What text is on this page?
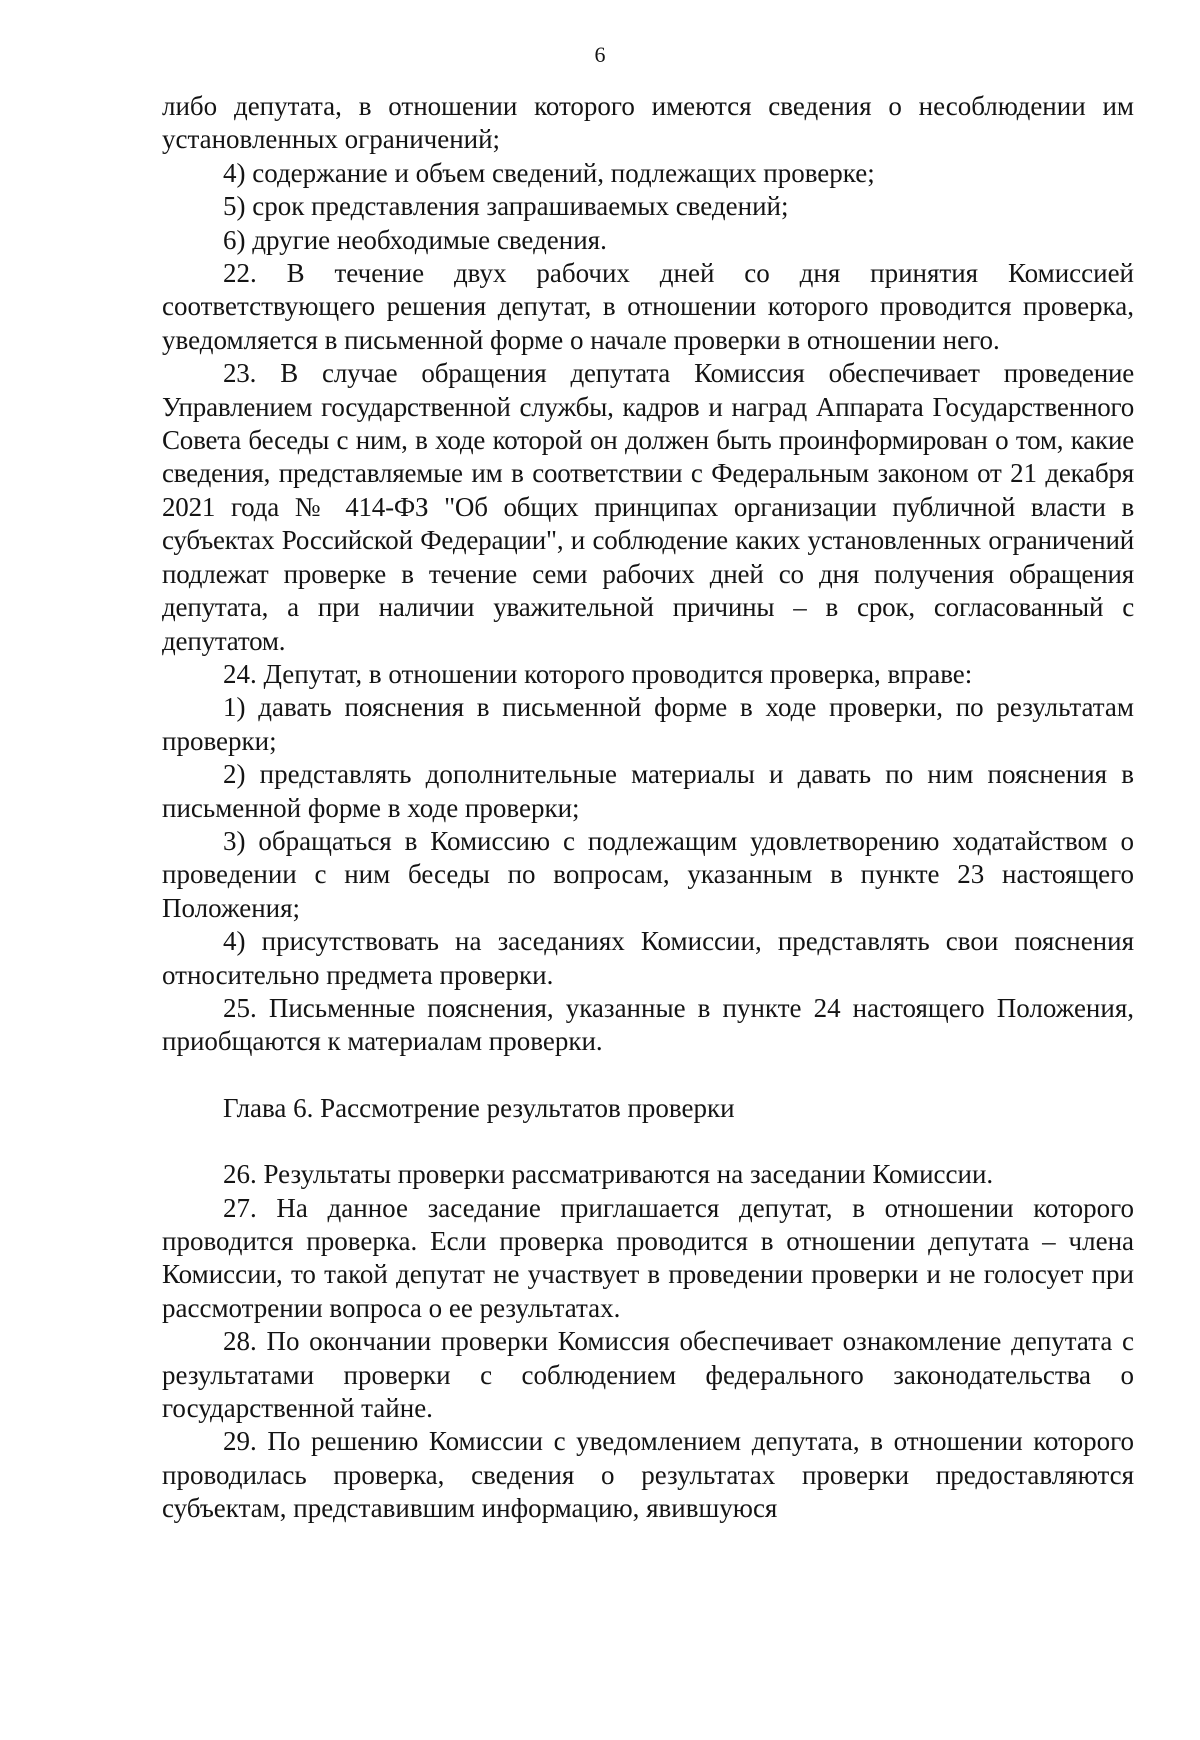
6

либо депутата, в отношении которого имеются сведения о несоблюдении им установленных ограничений;

4) содержание и объем сведений, подлежащих проверке;

5) срок представления запрашиваемых сведений;

6) другие необходимые сведения.

22. В течение двух рабочих дней со дня принятия Комиссией соответствующего решения депутат, в отношении которого проводится проверка, уведомляется в письменной форме о начале проверки в отношении него.

23. В случае обращения депутата Комиссия обеспечивает проведение Управлением государственной службы, кадров и наград Аппарата Государственного Совета беседы с ним, в ходе которой он должен быть проинформирован о том, какие сведения, представляемые им в соответствии с Федеральным законом от 21 декабря 2021 года № 414-ФЗ "Об общих принципах организации публичной власти в субъектах Российской Федерации", и соблюдение каких установленных ограничений подлежат проверке в течение семи рабочих дней со дня получения обращения депутата, а при наличии уважительной причины – в срок, согласованный с депутатом.

24. Депутат, в отношении которого проводится проверка, вправе:

1) давать пояснения в письменной форме в ходе проверки, по результатам проверки;

2) представлять дополнительные материалы и давать по ним пояснения в письменной форме в ходе проверки;

3) обращаться в Комиссию с подлежащим удовлетворению ходатайством о проведении с ним беседы по вопросам, указанным в пункте 23 настоящего Положения;

4) присутствовать на заседаниях Комиссии, представлять свои пояснения относительно предмета проверки.

25. Письменные пояснения, указанные в пункте 24 настоящего Положения, приобщаются к материалам проверки.

Глава 6. Рассмотрение результатов проверки

26. Результаты проверки рассматриваются на заседании Комиссии.

27. На данное заседание приглашается депутат, в отношении которого проводится проверка. Если проверка проводится в отношении депутата – члена Комиссии, то такой депутат не участвует в проведении проверки и не голосует при рассмотрении вопроса о ее результатах.

28. По окончании проверки Комиссия обеспечивает ознакомление депутата с результатами проверки с соблюдением федерального законодательства о государственной тайне.

29. По решению Комиссии с уведомлением депутата, в отношении которого проводилась проверка, сведения о результатах проверки предоставляются субъектам, представившим информацию, явившуюся
